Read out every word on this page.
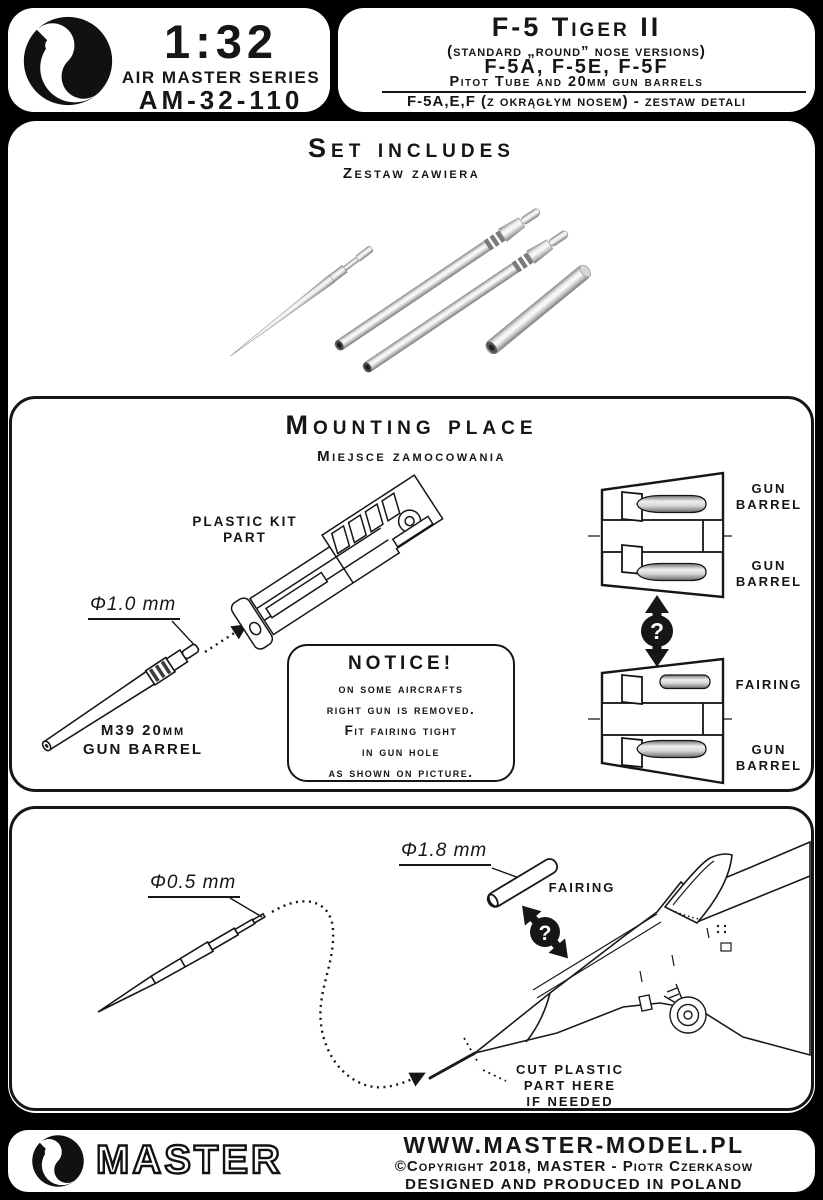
1:32
AIR MASTER SERIES
AM-32-110
F-5 Tiger II
(standard „round” nose versions)
F-5A, F-5E, F-5F
Pitot Tube and 20mm gun barrels
F-5A,E,F (z okrągłym nosem) - zestaw detali
Set includes
Zestaw zawiera
?
Mounting place
Miejsce zamocowania
PLASTIC KIT
PART
Φ1.0 mm
M39 20mm
GUN BARREL
NOTICE!
on some aircrafts
right gun is removed.
Fit fairing tight
in gun hole
as shown on picture.
GUN
BARREL
GUN
BARREL
FAIRING
GUN
BARREL
?
Φ0.5 mm
Φ1.8 mm
FAIRING
CUT PLASTIC
PART HERE
IF NEEDED
MASTER	WWW.MASTER-MODEL.PL
©Copyright 2018, MASTER - Piotr Czerkasow
DESIGNED AND PRODUCED IN POLAND
